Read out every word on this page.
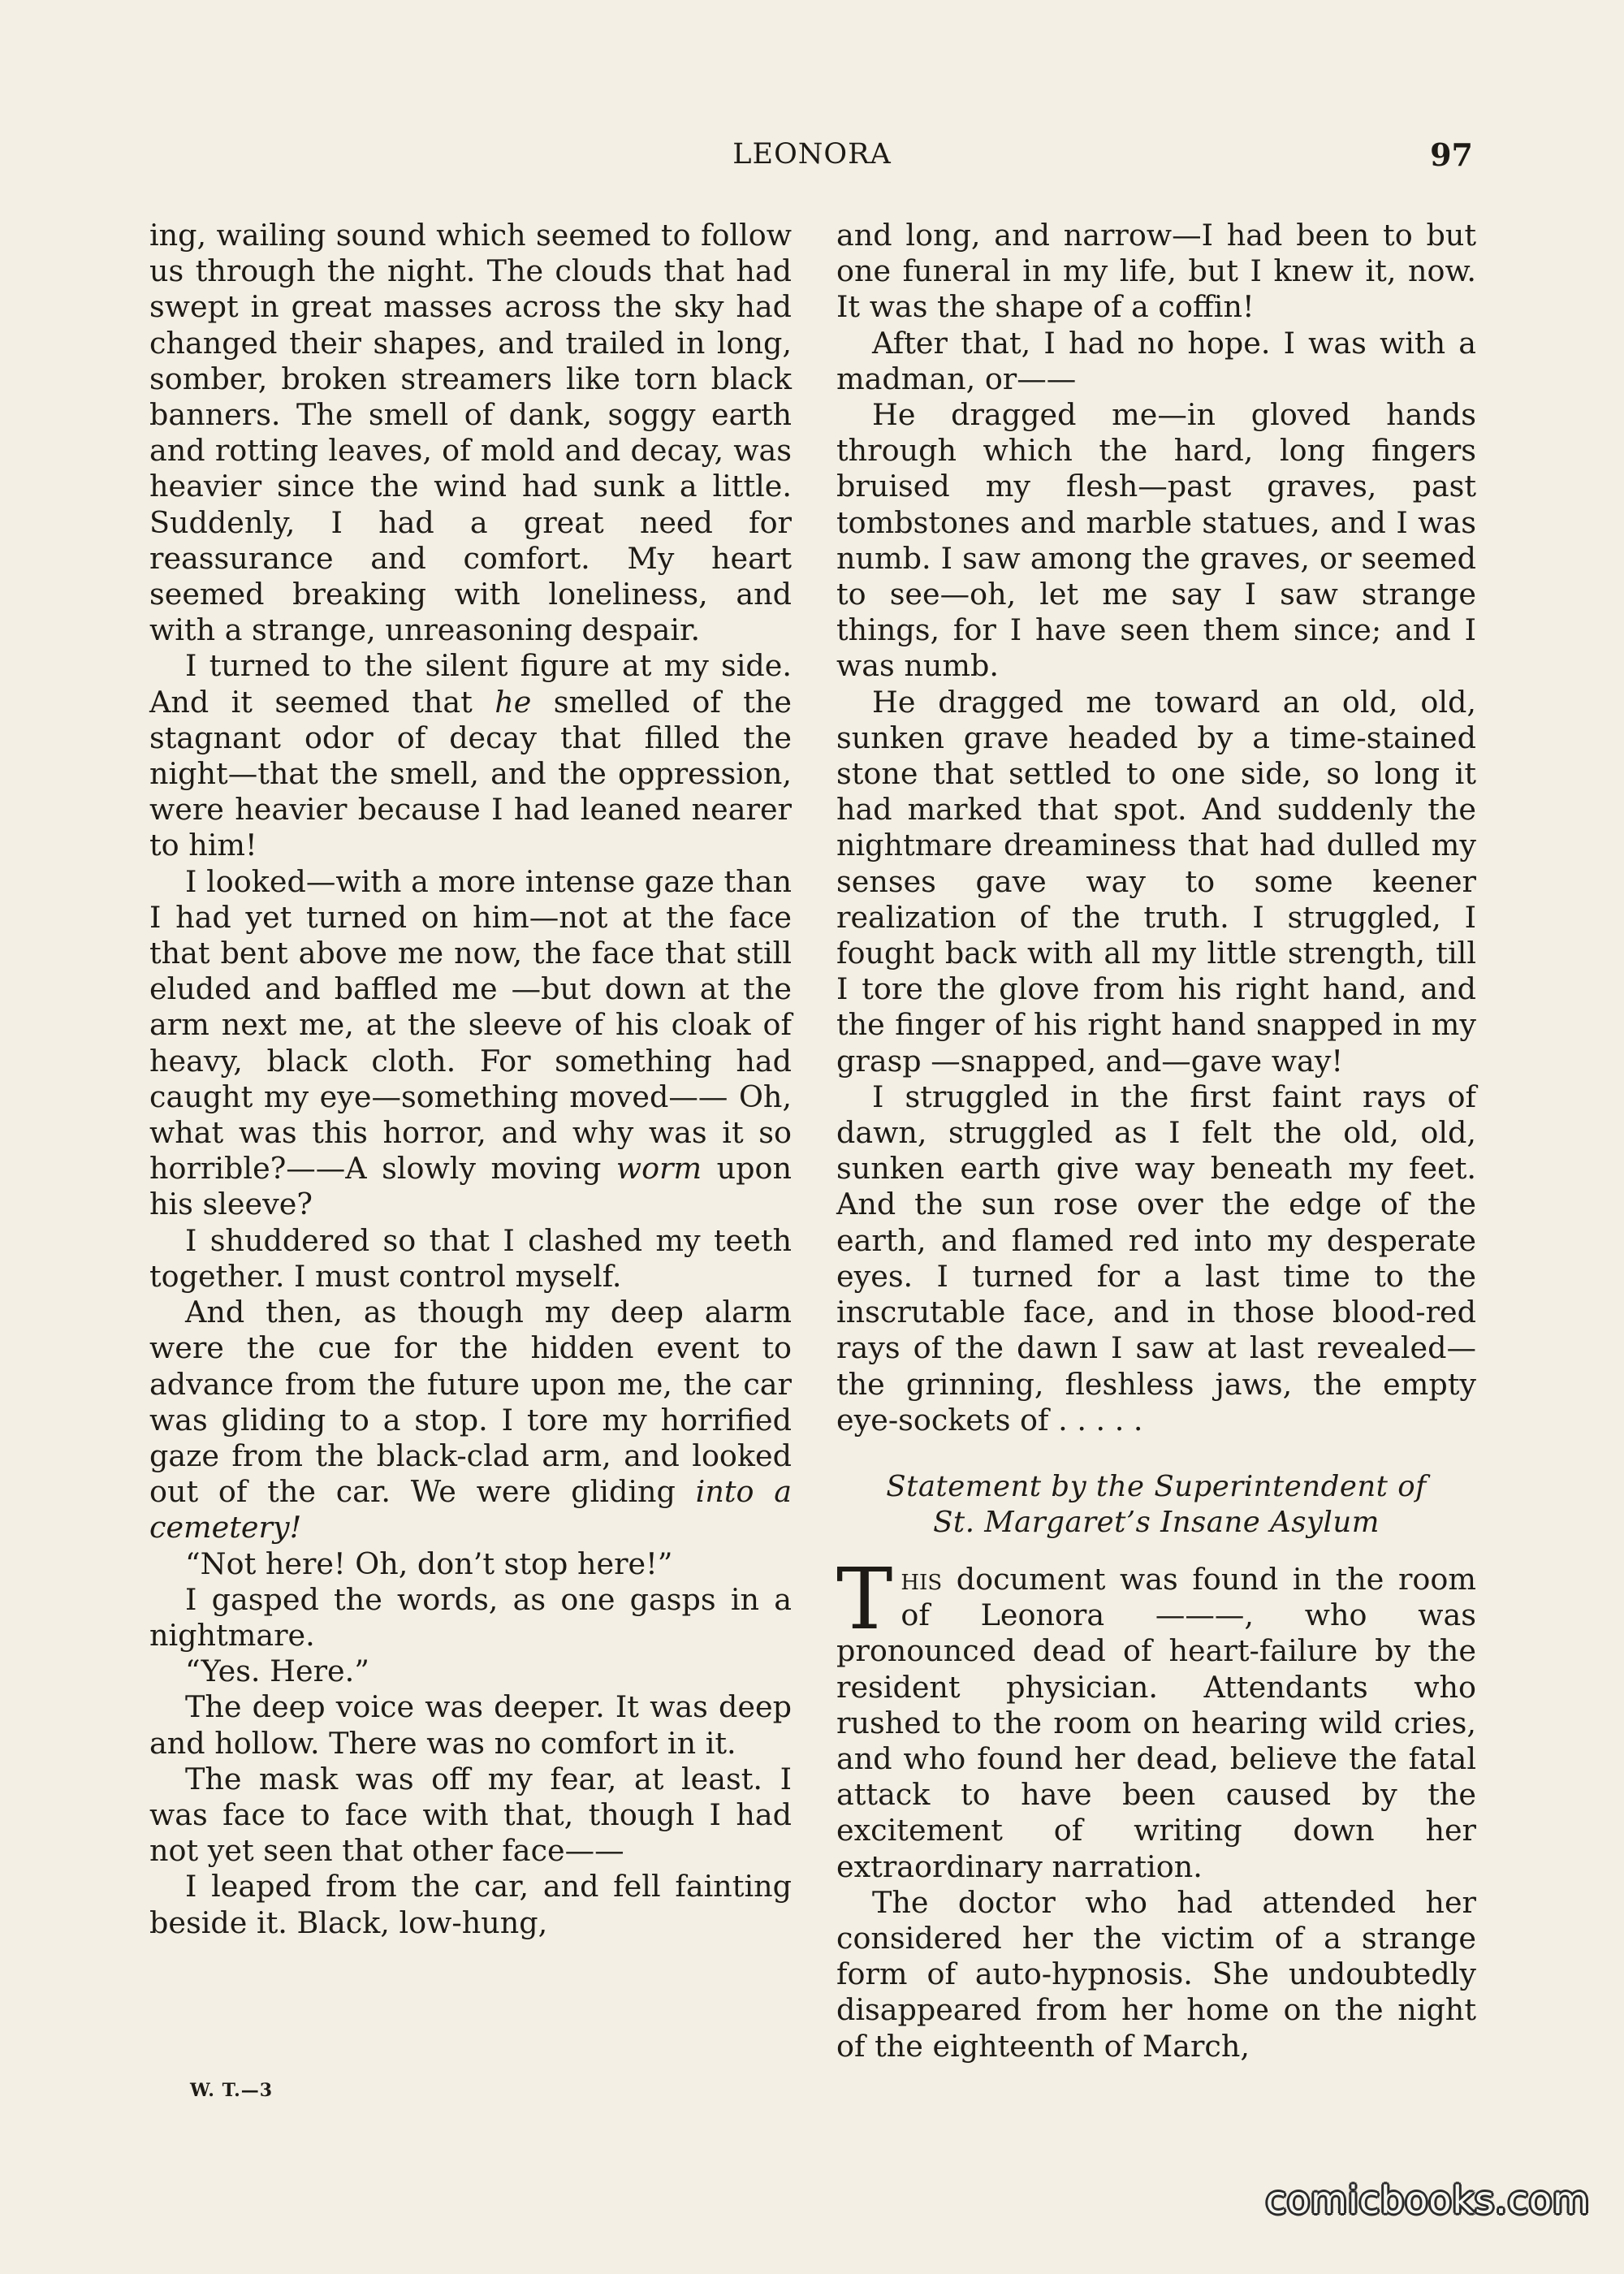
LEONORA	97

ing, wailing sound which seemed to follow us through the night. The clouds that had swept in great masses across the sky had changed their shapes, and trailed in long, somber, broken streamers like torn black banners. The smell of dank, soggy earth and rotting leaves, of mold and decay, was heavier since the wind had sunk a little. Suddenly, I had a great need for reassurance and comfort. My heart seemed breaking with loneliness, and with a strange, unreasoning despair.

I turned to the silent figure at my side. And it seemed that he smelled of the stagnant odor of decay that filled the night—that the smell, and the oppression, were heavier because I had leaned nearer to him!

I looked—with a more intense gaze than I had yet turned on him—not at the face that bent above me now, the face that still eluded and baffled me —but down at the arm next me, at the sleeve of his cloak of heavy, black cloth. For something had caught my eye—something moved—— Oh, what was this horror, and why was it so horrible?——A slowly moving worm upon his sleeve?

I shuddered so that I clashed my teeth together. I must control myself.

And then, as though my deep alarm were the cue for the hidden event to advance from the future upon me, the car was gliding to a stop. I tore my horrified gaze from the black-clad arm, and looked out of the car. We were gliding into a cemetery!

“Not here! Oh, don’t stop here!”

I gasped the words, as one gasps in a nightmare.

“Yes. Here.”

The deep voice was deeper. It was deep and hollow. There was no comfort in it.

The mask was off my fear, at least. I was face to face with that, though I had not yet seen that other face——

I leaped from the car, and fell fainting beside it. Black, low-hung,

and long, and narrow—I had been to but one funeral in my life, but I knew it, now. It was the shape of a coffin!

After that, I had no hope. I was with a madman, or——

He dragged me—in gloved hands through which the hard, long fingers bruised my flesh—past graves, past tombstones and marble statues, and I was numb. I saw among the graves, or seemed to see—oh, let me say I saw strange things, for I have seen them since; and I was numb.

He dragged me toward an old, old, sunken grave headed by a time-stained stone that settled to one side, so long it had marked that spot. And suddenly the nightmare dreaminess that had dulled my senses gave way to some keener realization of the truth. I struggled, I fought back with all my little strength, till I tore the glove from his right hand, and the finger of his right hand snapped in my grasp —snapped, and—gave way!

I struggled in the first faint rays of dawn, struggled as I felt the old, old, sunken earth give way beneath my feet. And the sun rose over the edge of the earth, and flamed red into my desperate eyes. I turned for a last time to the inscrutable face, and in those blood-red rays of the dawn I saw at last revealed—the grinning, fleshless jaws, the empty eye-sockets of . . . . .

Statement by the Superintendent of
St. Margaret’s Insane Asylum

This document was found in the room of Leonora ———, who was pronounced dead of heart-failure by the resident physician. Attendants who rushed to the room on hearing wild cries, and who found her dead, believe the fatal attack to have been caused by the excitement of writing down her extraordinary narration.

The doctor who had attended her considered her the victim of a strange form of auto-hypnosis. She undoubtedly disappeared from her home on the night of the eighteenth of March,

W. T.—3
comicbooks.com
